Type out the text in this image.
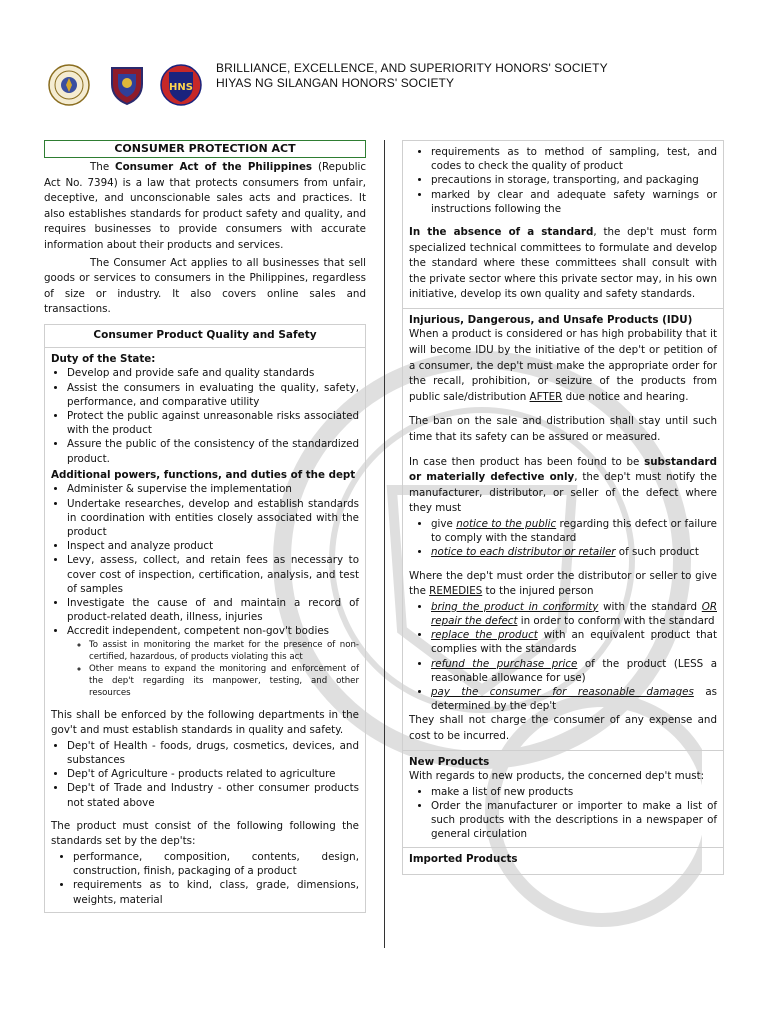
HNS
BRILLIANCE, EXCELLENCE, AND SUPERIORITY HONORS' SOCIETY
HIYAS NG SILANGAN HONORS' SOCIETY
CONSUMER PROTECTION ACT

The Consumer Act of the Philippines (Republic Act No. 7394) is a law that protects consumers from unfair, deceptive, and unconscionable sales acts and practices. It also establishes standards for product safety and quality, and requires businesses to provide consumers with accurate information about their products and services.

The Consumer Act applies to all businesses that sell goods or services to consumers in the Philippines, regardless of size or industry. It also covers online sales and transactions.

Consumer Product Quality and Safety
Duty of the State:
• Develop and provide safe and quality standards
• Assist the consumers in evaluating the quality, safety, performance, and comparative utility
• Protect the public against unreasonable risks associated with the product
• Assure the public of the consistency of the standardized product.
Additional powers, functions, and duties of the dept
• Administer & supervise the implementation
• Undertake researches, develop and establish standards in coordination with entities closely associated with the product
• Inspect and analyze product
• Levy, assess, collect, and retain fees as necessary to cover cost of inspection, certification, analysis, and test of samples
• Investigate the cause of and maintain a record of product-related death, illness, injuries
• Accredit independent, competent non-gov't bodies
◦ To assist in monitoring the market for the presence of non-certified, hazardous, of products violating this act
◦ Other means to expand the monitoring and enforcement of the dep't regarding its manpower, testing, and other resources

This shall be enforced by the following departments in the gov't and must establish standards in quality and safety.

• Dep't of Health - foods, drugs, cosmetics, devices, and substances
• Dep't of Agriculture - products related to agriculture
• Dep't of Trade and Industry - other consumer products not stated above

The product must consist of the following following the standards set by the dep'ts:

• performance, composition, contents, design, construction, finish, packaging of a product
• requirements as to kind, class, grade, dimensions, weights, material
• requirements as to method of sampling, test, and codes to check the quality of product
• precautions in storage, transporting, and packaging
• marked by clear and adequate safety warnings or instructions following the

In the absence of a standard, the dep't must form specialized technical committees to formulate and develop the standard where these committees shall consult with the private sector where this private sector may, in his own initiative, develop its own quality and safety standards.

Injurious, Dangerous, and Unsafe Products (IDU)

When a product is considered or has high probability that it will become IDU by the initiative of the dep't or petition of a consumer, the dep't must make the appropriate order for the recall, prohibition, or seizure of the products from public sale/distribution AFTER due notice and hearing.

The ban on the sale and distribution shall stay until such time that its safety can be assured or measured.

In case then product has been found to be substandard or materially defective only, the dep't must notify the manufacturer, distributor, or seller of the defect where they must

• give notice to the public regarding this defect or failure to comply with the standard
• notice to each distributor or retailer of such product

Where the dep't must order the distributor or seller to give the REMEDIES to the injured person

• bring the product in conformity with the standard OR repair the defect in order to conform with the standard
• replace the product with an equivalent product that complies with the standards
• refund the purchase price of the product (LESS a reasonable allowance for use)
• pay the consumer for reasonable damages as determined by the dep't

They shall not charge the consumer of any expense and cost to be incurred.

New Products

With regards to new products, the concerned dep't must:

• make a list of new products
• Order the manufacturer or importer to make a list of such products with the descriptions in a newspaper of general circulation
Imported Products
